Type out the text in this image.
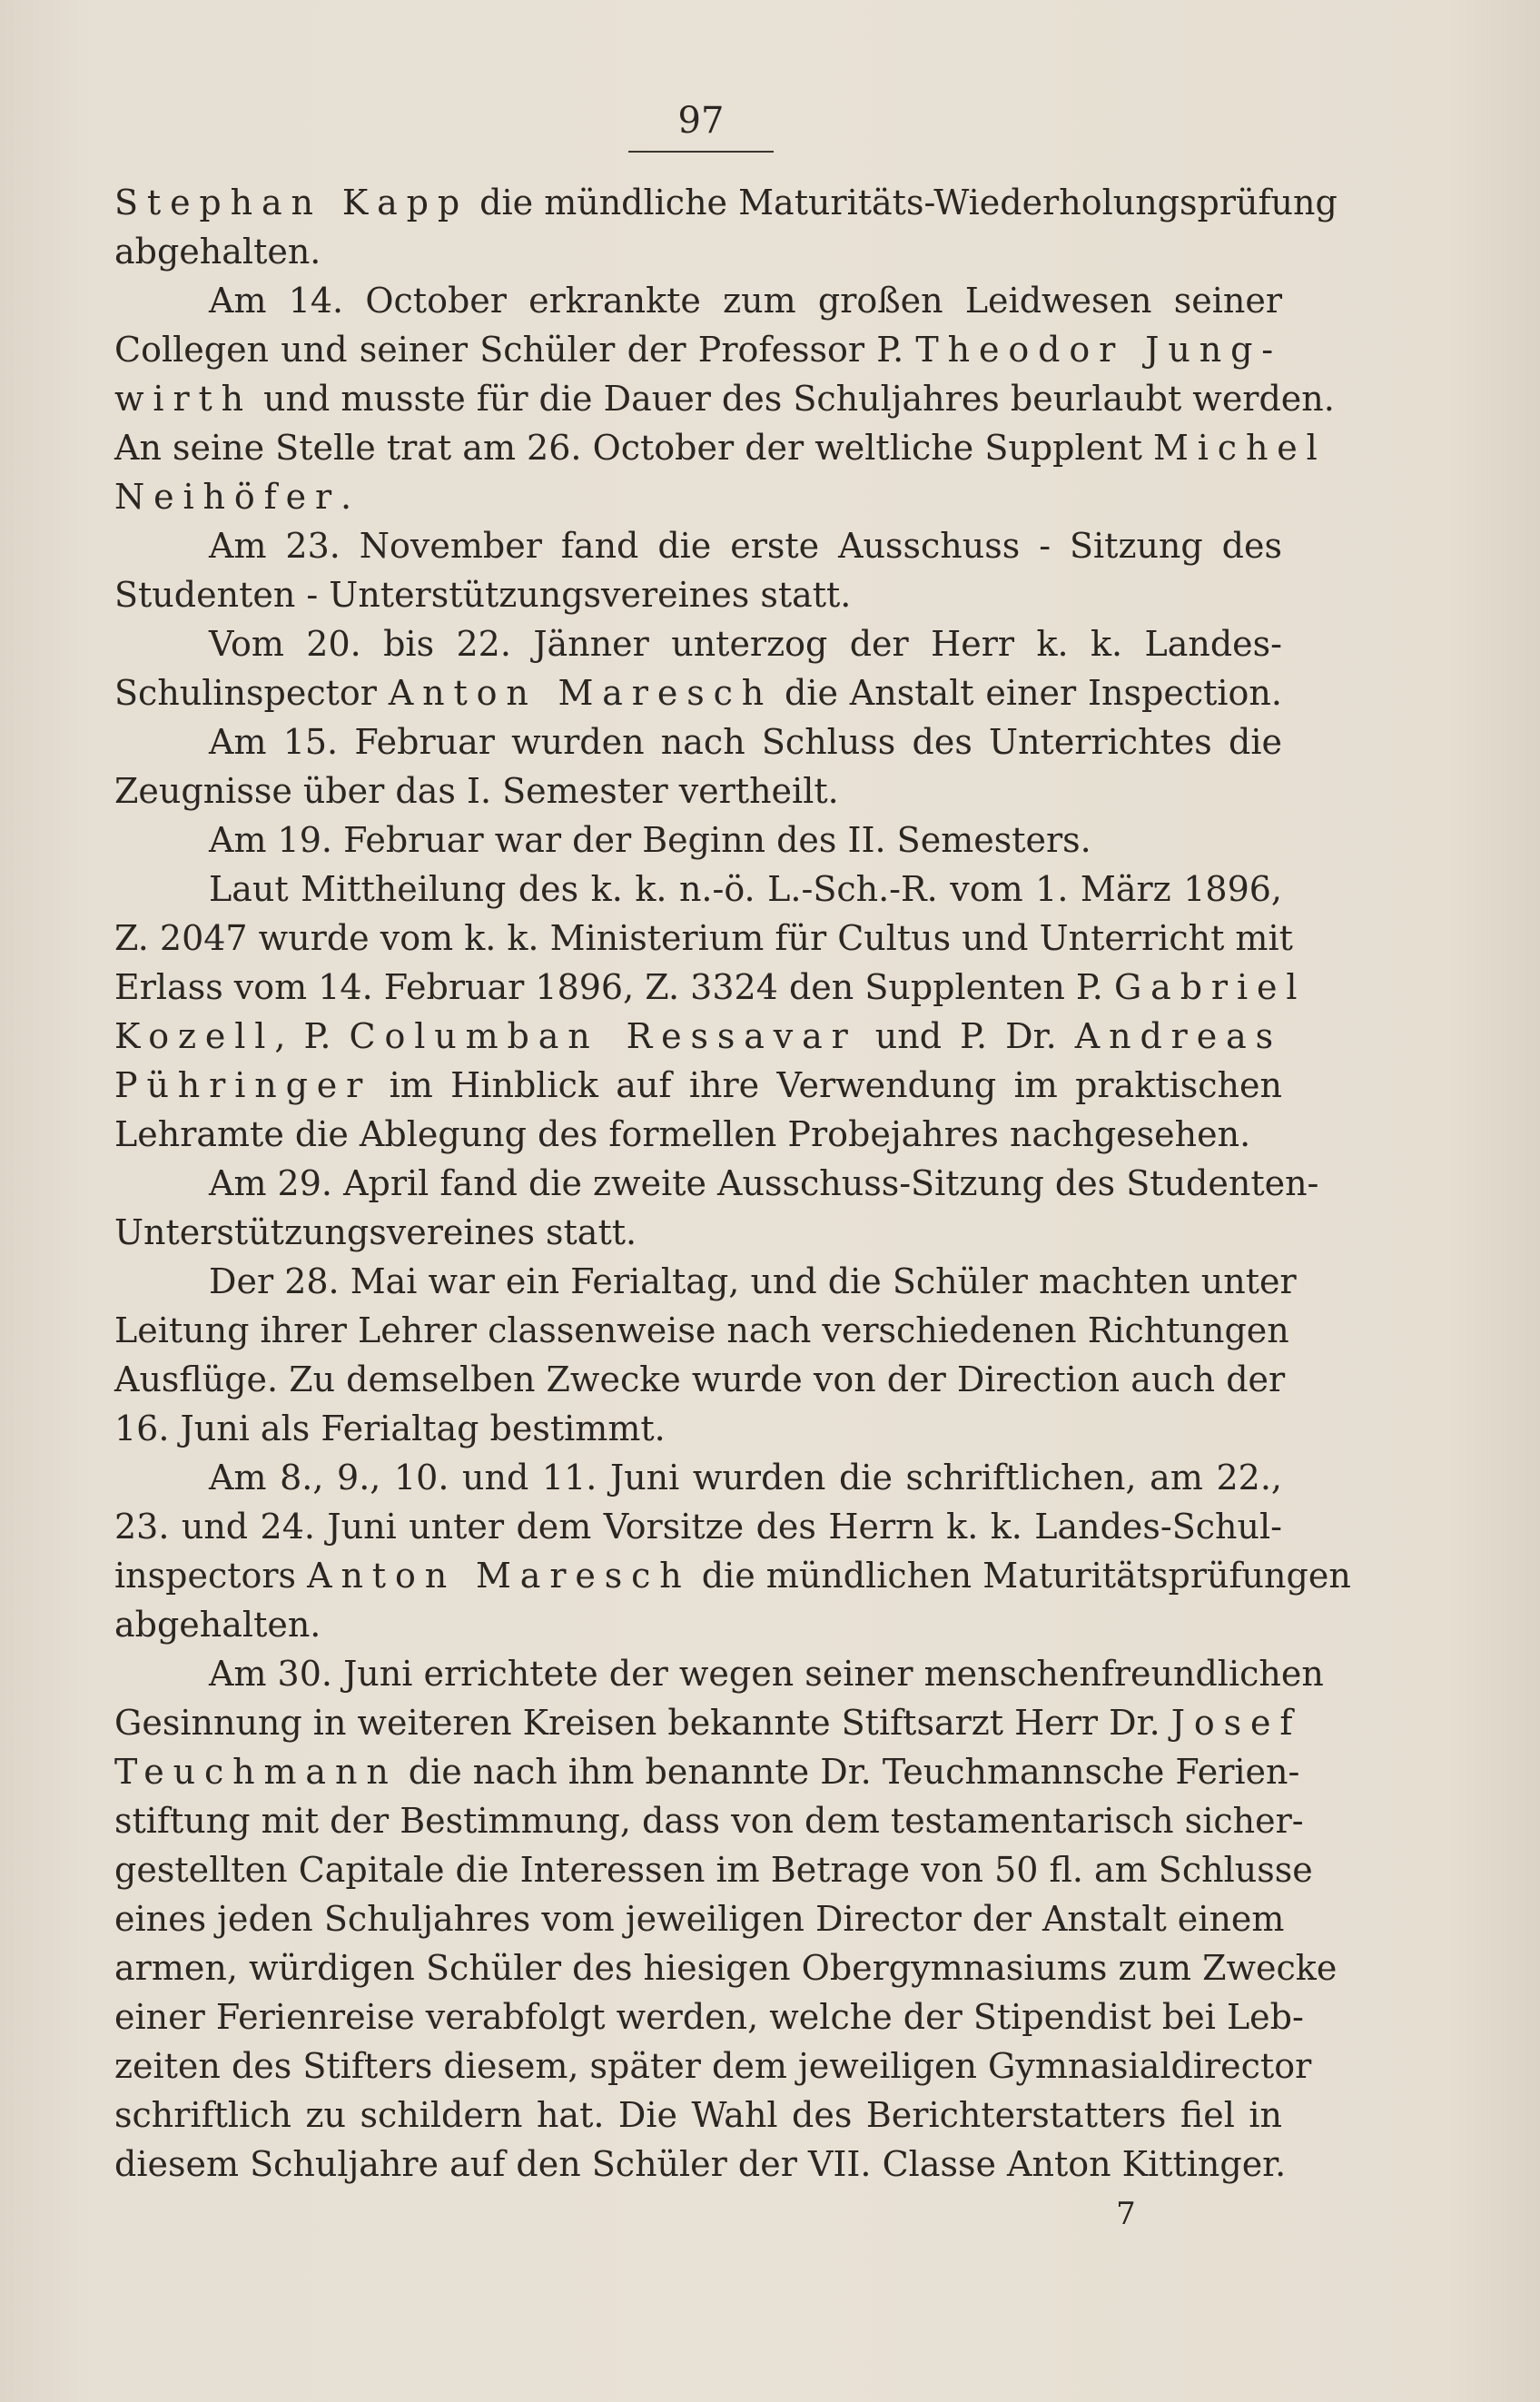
97
Stephan Kapp die mündliche Maturitäts-Wiederholungsprüfung
abgehalten.
Am 14. October erkrankte zum großen Leidwesen seiner
Collegen und seiner Schüler der Professor P. Theodor Jung-
wirth und musste für die Dauer des Schuljahres beurlaubt werden.
An seine Stelle trat am 26. October der weltliche Supplent Michel
Neihöfer.
Am 23. November fand die erste Ausschuss - Sitzung des
Studenten - Unterstützungsvereines statt.
Vom 20. bis 22. Jänner unterzog der Herr k. k. Landes-
Schulinspector Anton Maresch die Anstalt einer Inspection.
Am 15. Februar wurden nach Schluss des Unterrichtes die
Zeugnisse über das I. Semester vertheilt.
Am 19. Februar war der Beginn des II. Semesters.
Laut Mittheilung des k. k. n.-ö. L.-Sch.-R. vom 1. März 1896,
Z. 2047 wurde vom k. k. Ministerium für Cultus und Unterricht mit
Erlass vom 14. Februar 1896, Z. 3324 den Supplenten P. Gabriel
Kozell, P. Columban Ressavar und P. Dr. Andreas
Pühringer im Hinblick auf ihre Verwendung im praktischen
Lehramte die Ablegung des formellen Probejahres nachgesehen.
Am 29. April fand die zweite Ausschuss-Sitzung des Studenten-
Unterstützungsvereines statt.
Der 28. Mai war ein Ferialtag, und die Schüler machten unter
Leitung ihrer Lehrer classenweise nach verschiedenen Richtungen
Ausflüge. Zu demselben Zwecke wurde von der Direction auch der
16. Juni als Ferialtag bestimmt.
Am 8., 9., 10. und 11. Juni wurden die schriftlichen, am 22.,
23. und 24. Juni unter dem Vorsitze des Herrn k. k. Landes-Schul-
inspectors Anton Maresch die mündlichen Maturitätsprüfungen
abgehalten.
Am 30. Juni errichtete der wegen seiner menschenfreundlichen
Gesinnung in weiteren Kreisen bekannte Stiftsarzt Herr Dr. Josef
Teuchmann die nach ihm benannte Dr. Teuchmannsche Ferien-
stiftung mit der Bestimmung, dass von dem testamentarisch sicher-
gestellten Capitale die Interessen im Betrage von 50 fl. am Schlusse
eines jeden Schuljahres vom jeweiligen Director der Anstalt einem
armen, würdigen Schüler des hiesigen Obergymnasiums zum Zwecke
einer Ferienreise verabfolgt werden, welche der Stipendist bei Leb-
zeiten des Stifters diesem, später dem jeweiligen Gymnasialdirector
schriftlich zu schildern hat. Die Wahl des Berichterstatters fiel in
diesem Schuljahre auf den Schüler der VII. Classe Anton Kittinger.
7
